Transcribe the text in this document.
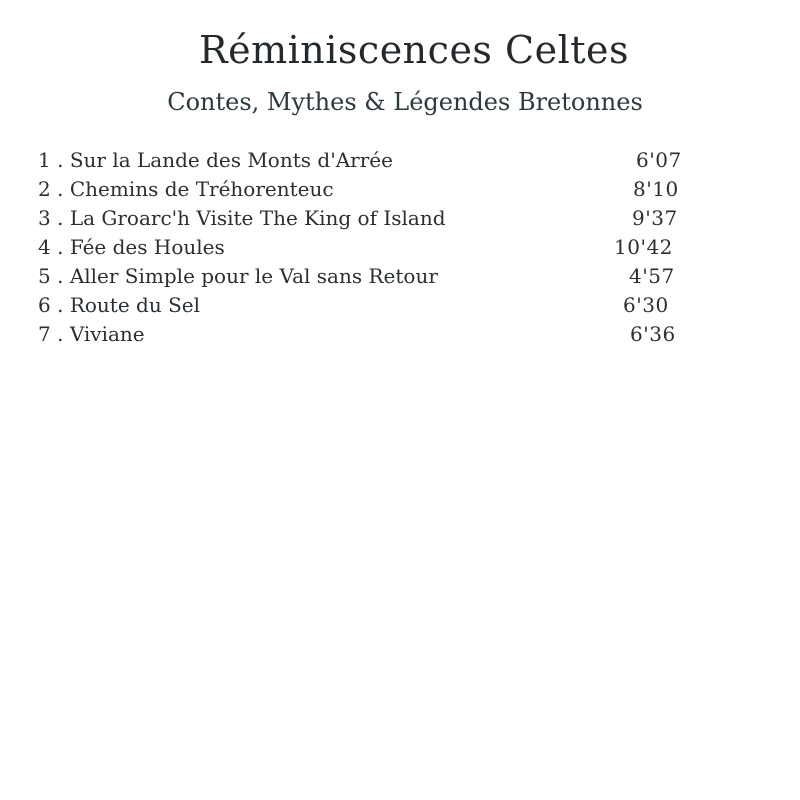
Réminiscences Celtes
Contes, Mythes & Légendes Bretonnes
1 . Sur la Lande des Monts d'Arrée	6'07
2 . Chemins de Tréhorenteuc	8'10
3 . La Groarc'h Visite The King of Island	9'37
4 . Fée des Houles	10'42
5 . Aller Simple pour le Val sans Retour	4'57
6 . Route du Sel	6'30
7 . Viviane	6'36
